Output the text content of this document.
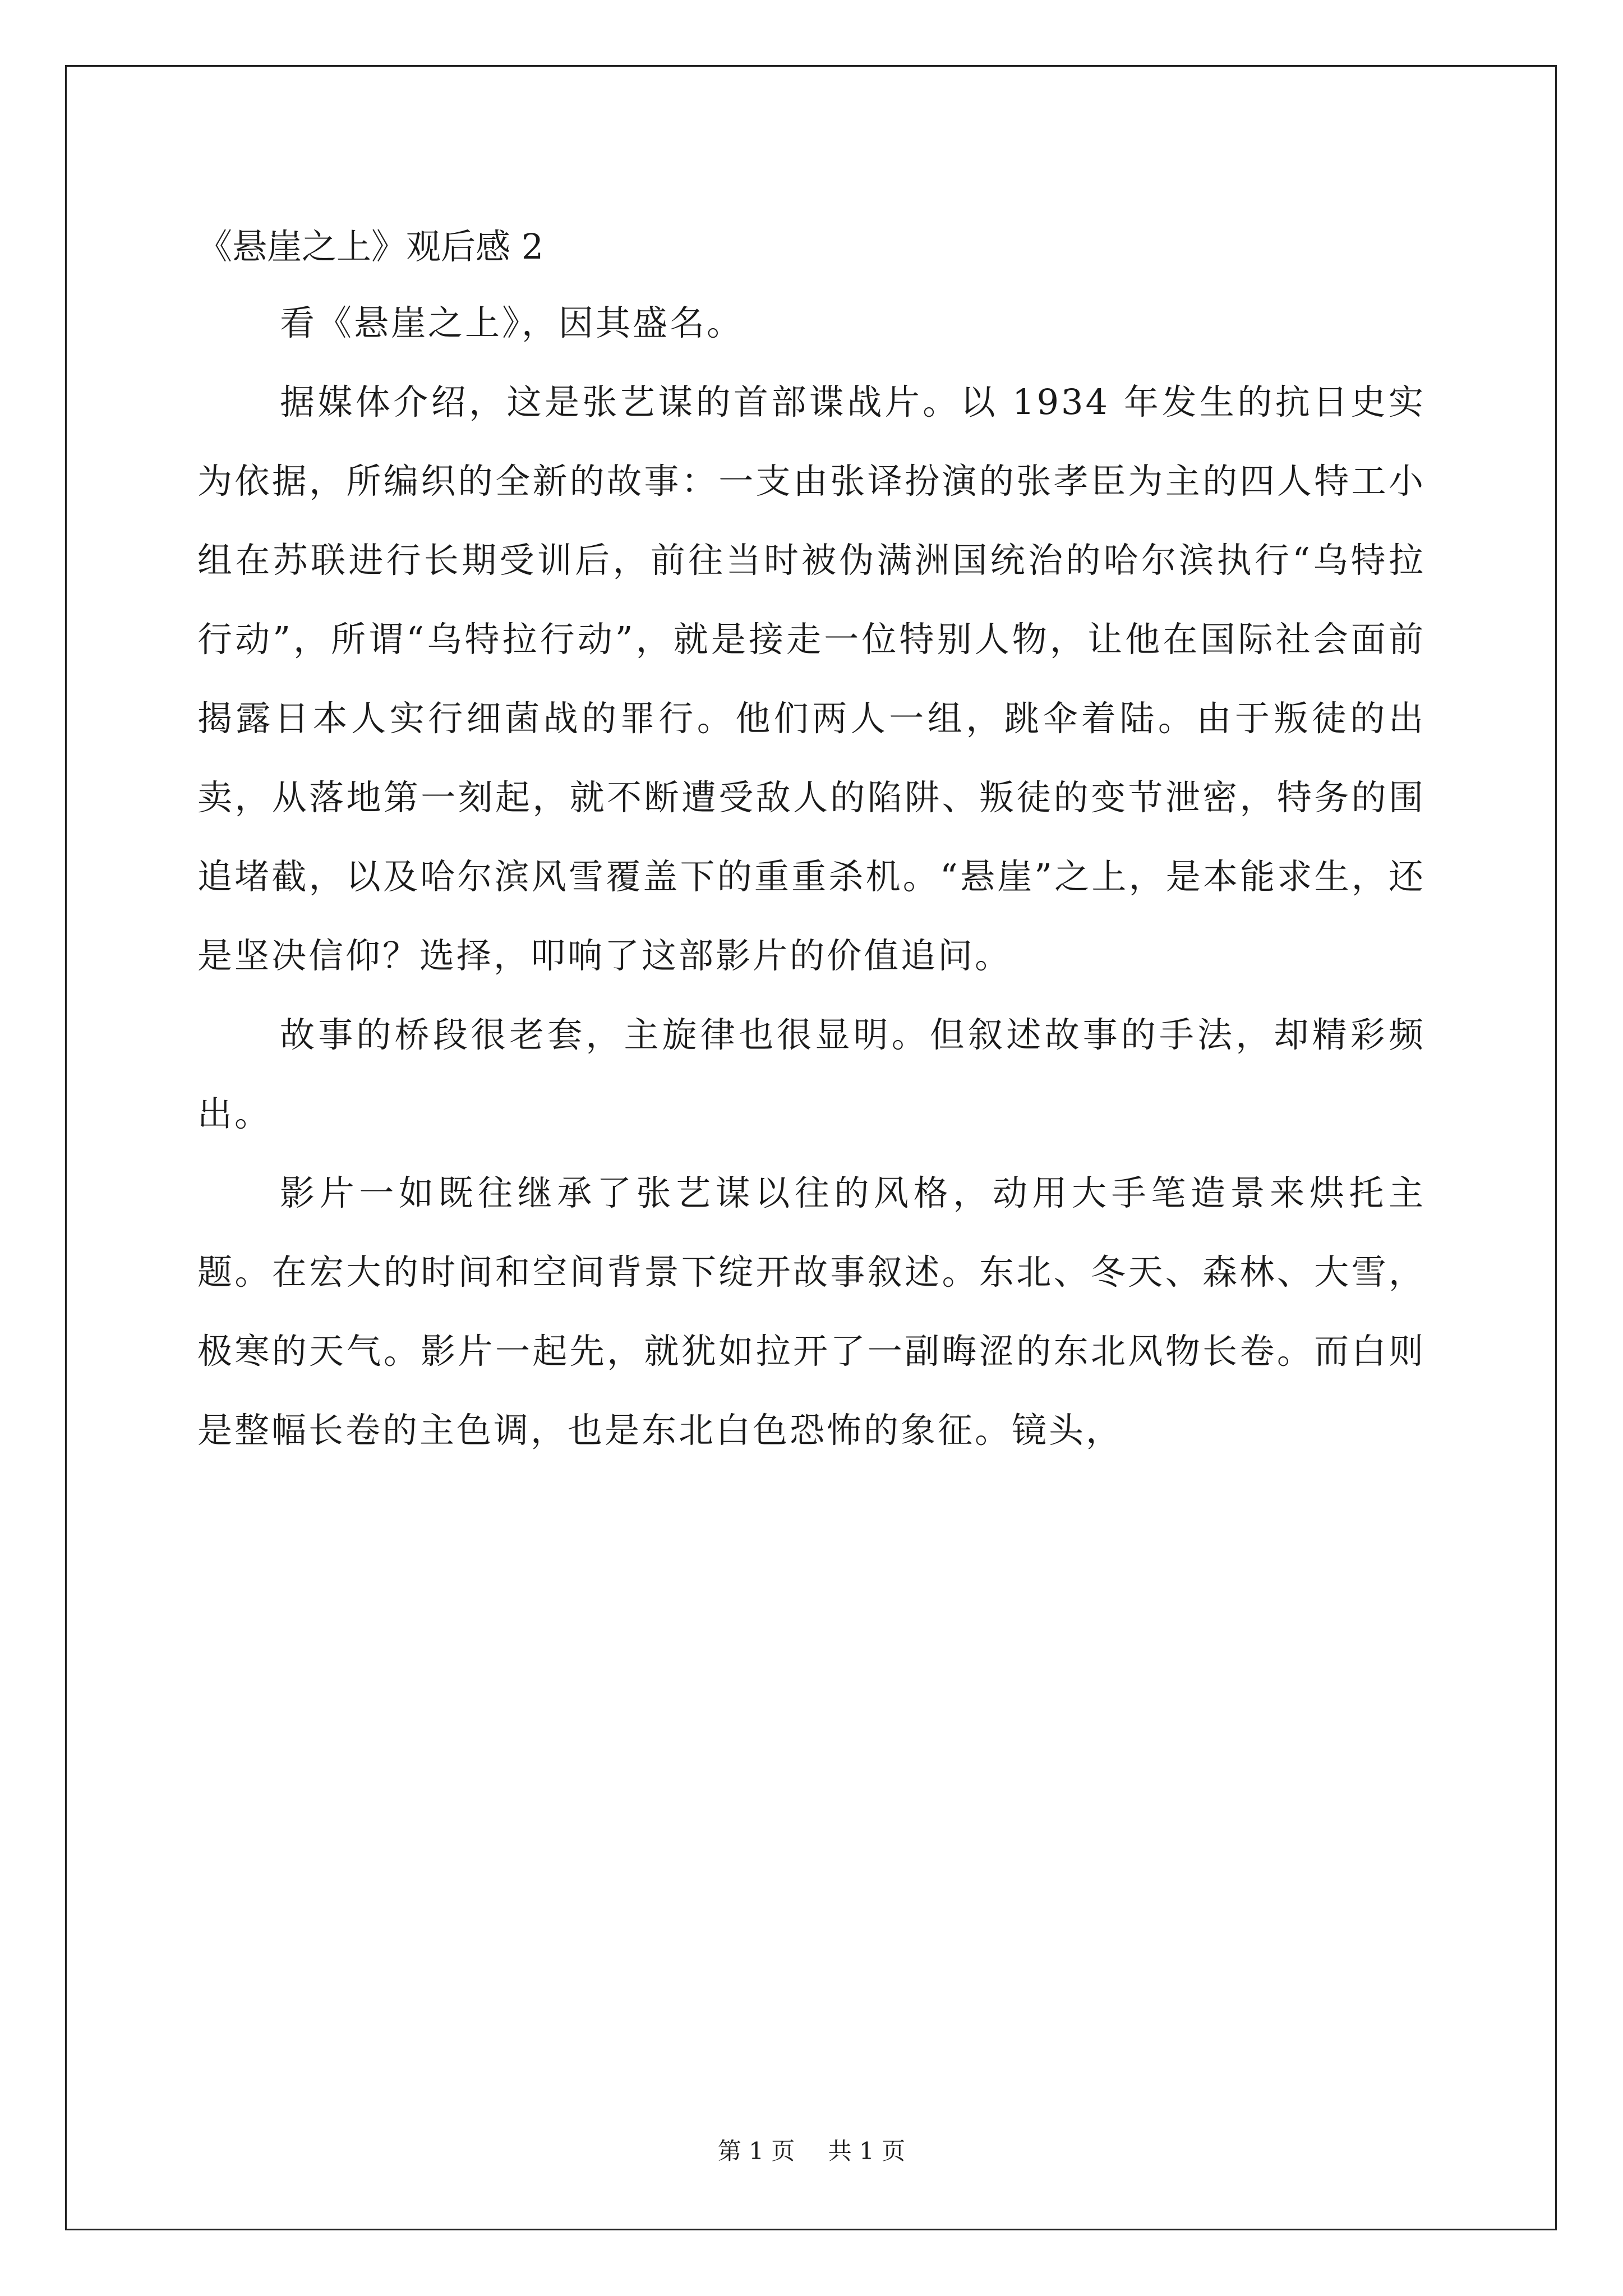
《悬崖之上》观后感 2

看《悬崖之上》，因其盛名。

据媒体介绍，这是张艺谋的首部谍战片。以 1934 年发生的抗日史实为依据，所编织的全新的故事：一支由张译扮演的张孝臣为主的四人特工小组在苏联进行长期受训后，前往当时被伪满洲国统治的哈尔滨执行“乌特拉行动”，所谓“乌特拉行动”，就是接走一位特别人物，让他在国际社会面前揭露日本人实行细菌战的罪行。他们两人一组，跳伞着陆。由于叛徒的出卖，从落地第一刻起，就不断遭受敌人的陷阱、叛徒的变节泄密，特务的围追堵截，以及哈尔滨风雪覆盖下的重重杀机。“悬崖”之上，是本能求生，还是坚决信仰？选择，叩响了这部影片的价值追问。

故事的桥段很老套，主旋律也很显明。但叙述故事的手法，却精彩频出。

影片一如既往继承了张艺谋以往的风格，动用大手笔造景来烘托主题。在宏大的时间和空间背景下绽开故事叙述。东北、冬天、森林、大雪，极寒的天气。影片一起先，就犹如拉开了一副晦涩的东北风物长卷。而白则是整幅长卷的主色调，也是东北白色恐怖的象征。镜头，

第 1 页 共 1 页
